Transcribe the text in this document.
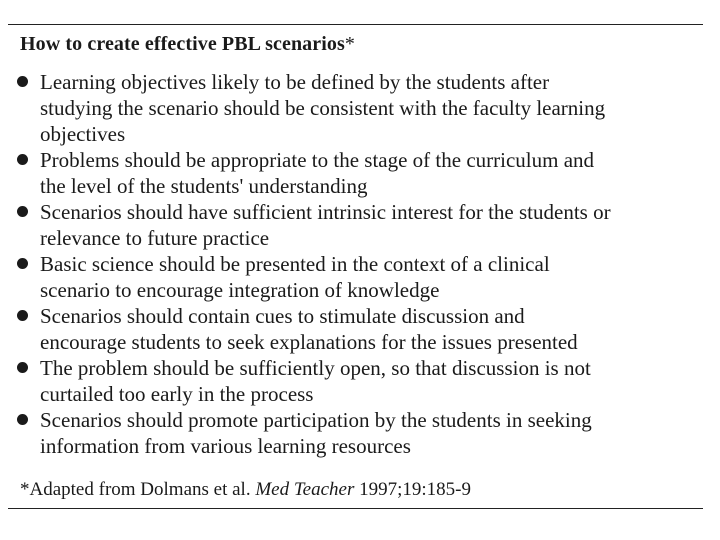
How to create effective PBL scenarios*
Learning objectives likely to be defined by the students after
studying the scenario should be consistent with the faculty learning
objectives
Problems should be appropriate to the stage of the curriculum and
the level of the students' understanding
Scenarios should have sufficient intrinsic interest for the students or
relevance to future practice
Basic science should be presented in the context of a clinical
scenario to encourage integration of knowledge
Scenarios should contain cues to stimulate discussion and
encourage students to seek explanations for the issues presented
The problem should be sufficiently open, so that discussion is not
curtailed too early in the process
Scenarios should promote participation by the students in seeking
information from various learning resources
*Adapted from Dolmans et al. Med Teacher 1997;19:185-9
